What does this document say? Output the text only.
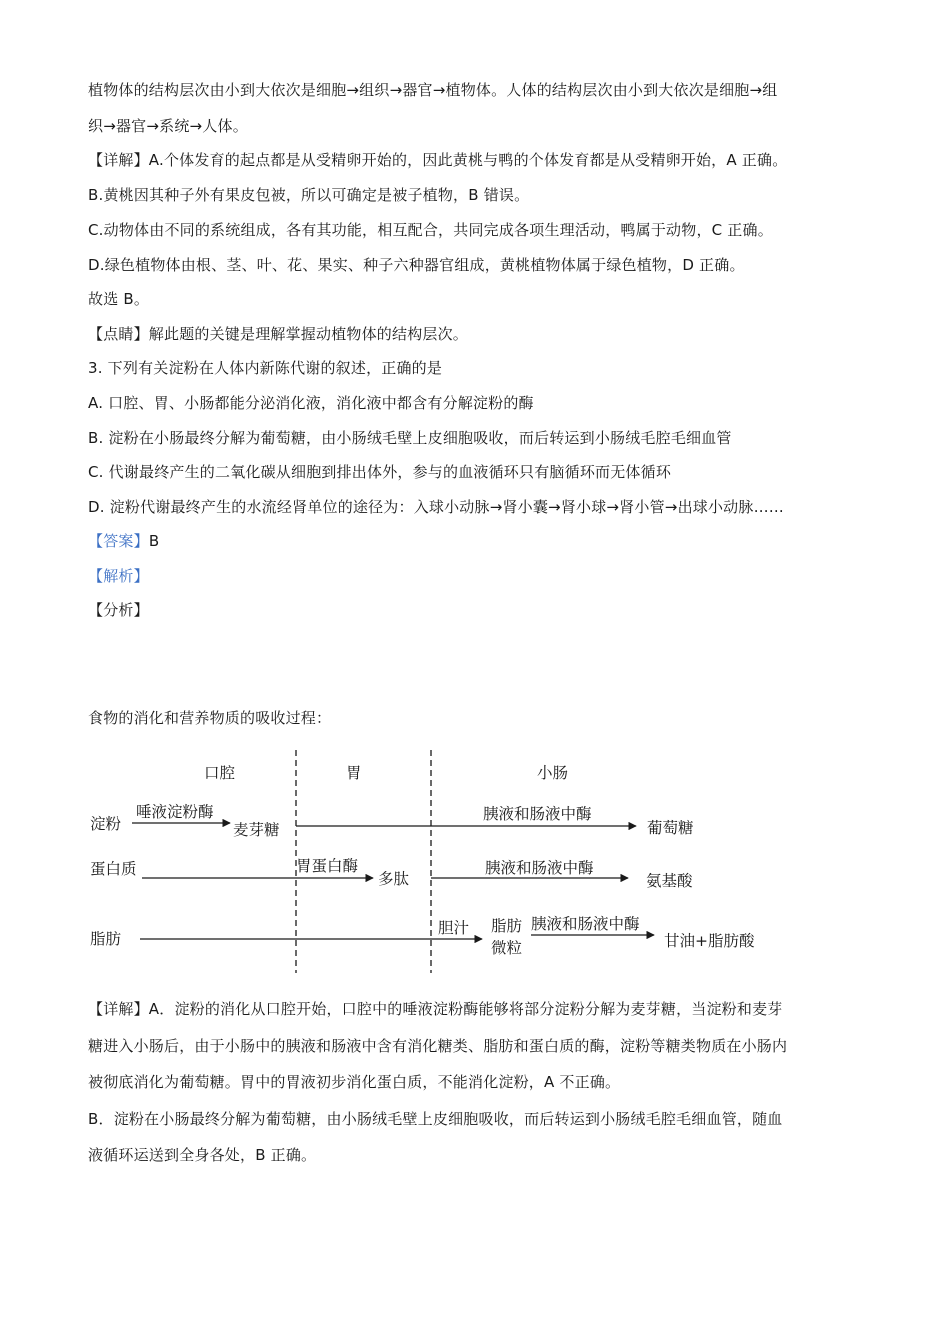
植物体的结构层次由小到大依次是细胞→组织→器官→植物体。人体的结构层次由小到大依次是细胞→组
织→器官→系统→人体。
【详解】A.个体发育的起点都是从受精卵开始的，因此黄桃与鸭的个体发育都是从受精卵开始，A 正确。
B.黄桃因其种子外有果皮包被，所以可确定是被子植物，B 错误。
C.动物体由不同的系统组成，各有其功能，相互配合，共同完成各项生理活动，鸭属于动物，C 正确。
D.绿色植物体由根、茎、叶、花、果实、种子六种器官组成，黄桃植物体属于绿色植物，D 正确。
故选 B。
【点睛】解此题的关键是理解掌握动植物体的结构层次。
3. 下列有关淀粉在人体内新陈代谢的叙述，正确的是
A. 口腔、胃、小肠都能分泌消化液，消化液中都含有分解淀粉的酶
B. 淀粉在小肠最终分解为葡萄糖，由小肠绒毛壁上皮细胞吸收，而后转运到小肠绒毛腔毛细血管
C. 代谢最终产生的二氧化碳从细胞到排出体外，参与的血液循环只有脑循环而无体循环
D. 淀粉代谢最终产生的水流经肾单位的途径为：入球小动脉→肾小囊→肾小球→肾小管→出球小动脉……
【答案】B
【解析】
【分析】
食物的消化和营养物质的吸收过程：
口腔	胃	小肠
淀粉
唾液淀粉酶
麦芽糖
胰液和肠液中酶
葡萄糖
蛋白质	胃蛋白酶
多肽
胰液和肠液中酶
氨基酸
脂肪
胆汁 脂肪
微粒
胰液和肠液中酶
甘油+脂肪酸
【详解】A．淀粉的消化从口腔开始，口腔中的唾液淀粉酶能够将部分淀粉分解为麦芽糖，当淀粉和麦芽
糖进入小肠后，由于小肠中的胰液和肠液中含有消化糖类、脂肪和蛋白质的酶，淀粉等糖类物质在小肠内
被彻底消化为葡萄糖。胃中的胃液初步消化蛋白质，不能消化淀粉，A 不正确。
B．淀粉在小肠最终分解为葡萄糖，由小肠绒毛壁上皮细胞吸收，而后转运到小肠绒毛腔毛细血管，随血
液循环运送到全身各处，B 正确。
